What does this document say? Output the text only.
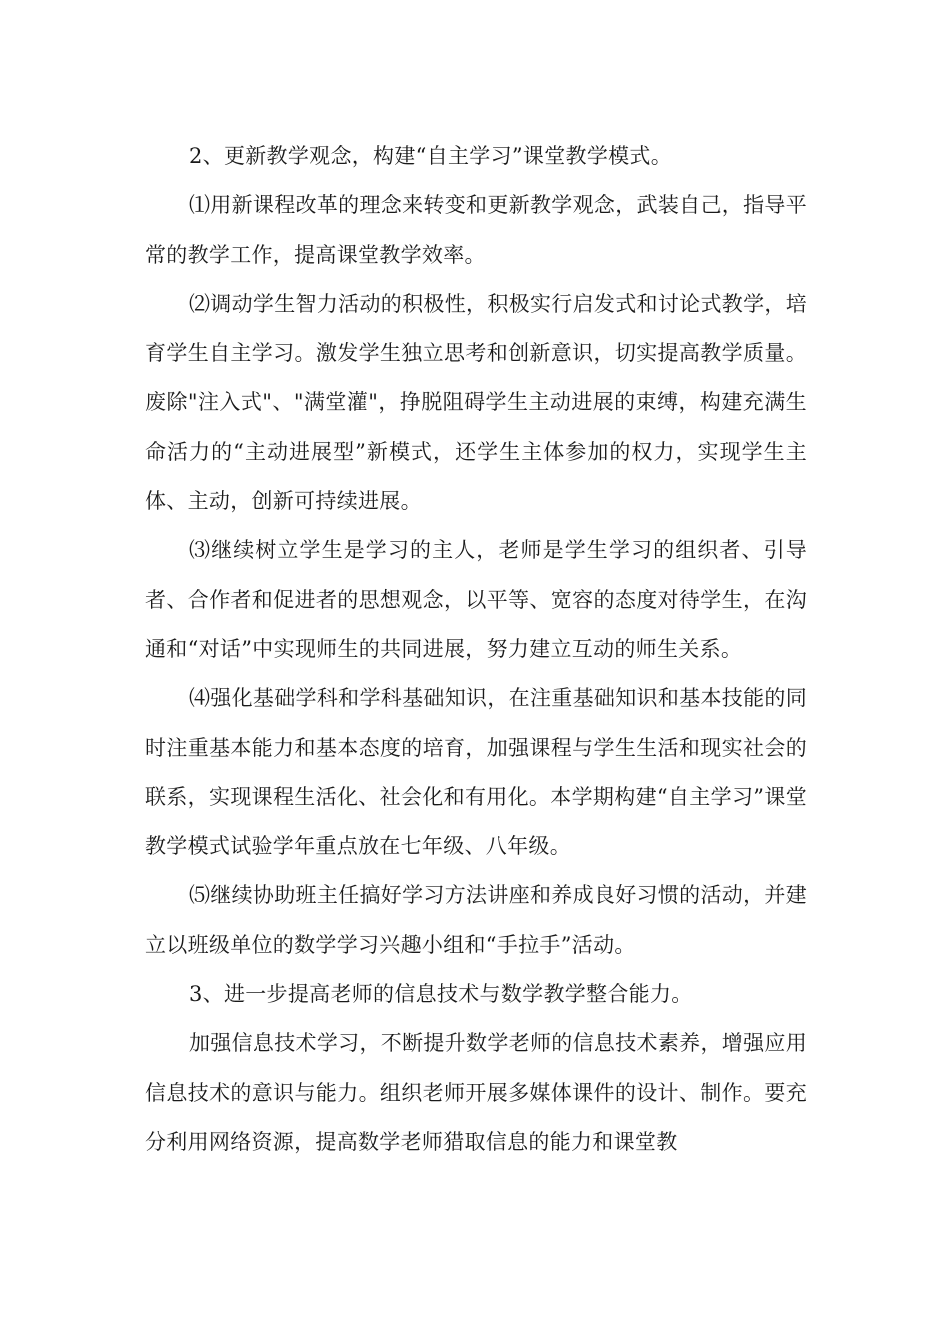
2、更新教学观念，构建“自主学习”课堂教学模式。

⑴用新课程改革的理念来转变和更新教学观念，武装自己，指导平常的教学工作，提高课堂教学效率。

⑵调动学生智力活动的积极性，积极实行启发式和讨论式教学，培育学生自主学习。激发学生独立思考和创新意识，切实提高教学质量。废除"注入式"、"满堂灌"，挣脱阻碍学生主动进展的束缚，构建充满生命活力的“主动进展型”新模式，还学生主体参加的权力，实现学生主体、主动，创新可持续进展。

⑶继续树立学生是学习的主人，老师是学生学习的组织者、引导者、合作者和促进者的思想观念，以平等、宽容的态度对待学生，在沟通和“对话”中实现师生的共同进展，努力建立互动的师生关系。

⑷强化基础学科和学科基础知识，在注重基础知识和基本技能的同时注重基本能力和基本态度的培育，加强课程与学生生活和现实社会的联系，实现课程生活化、社会化和有用化。本学期构建“自主学习”课堂教学模式试验学年重点放在七年级、八年级。

⑸继续协助班主任搞好学习方法讲座和养成良好习惯的活动，并建立以班级单位的数学学习兴趣小组和“手拉手”活动。

3、进一步提高老师的信息技术与数学教学整合能力。

加强信息技术学习，不断提升数学老师的信息技术素养，增强应用信息技术的意识与能力。组织老师开展多媒体课件的设计、制作。要充分利用网络资源，提高数学老师猎取信息的能力和课堂教
